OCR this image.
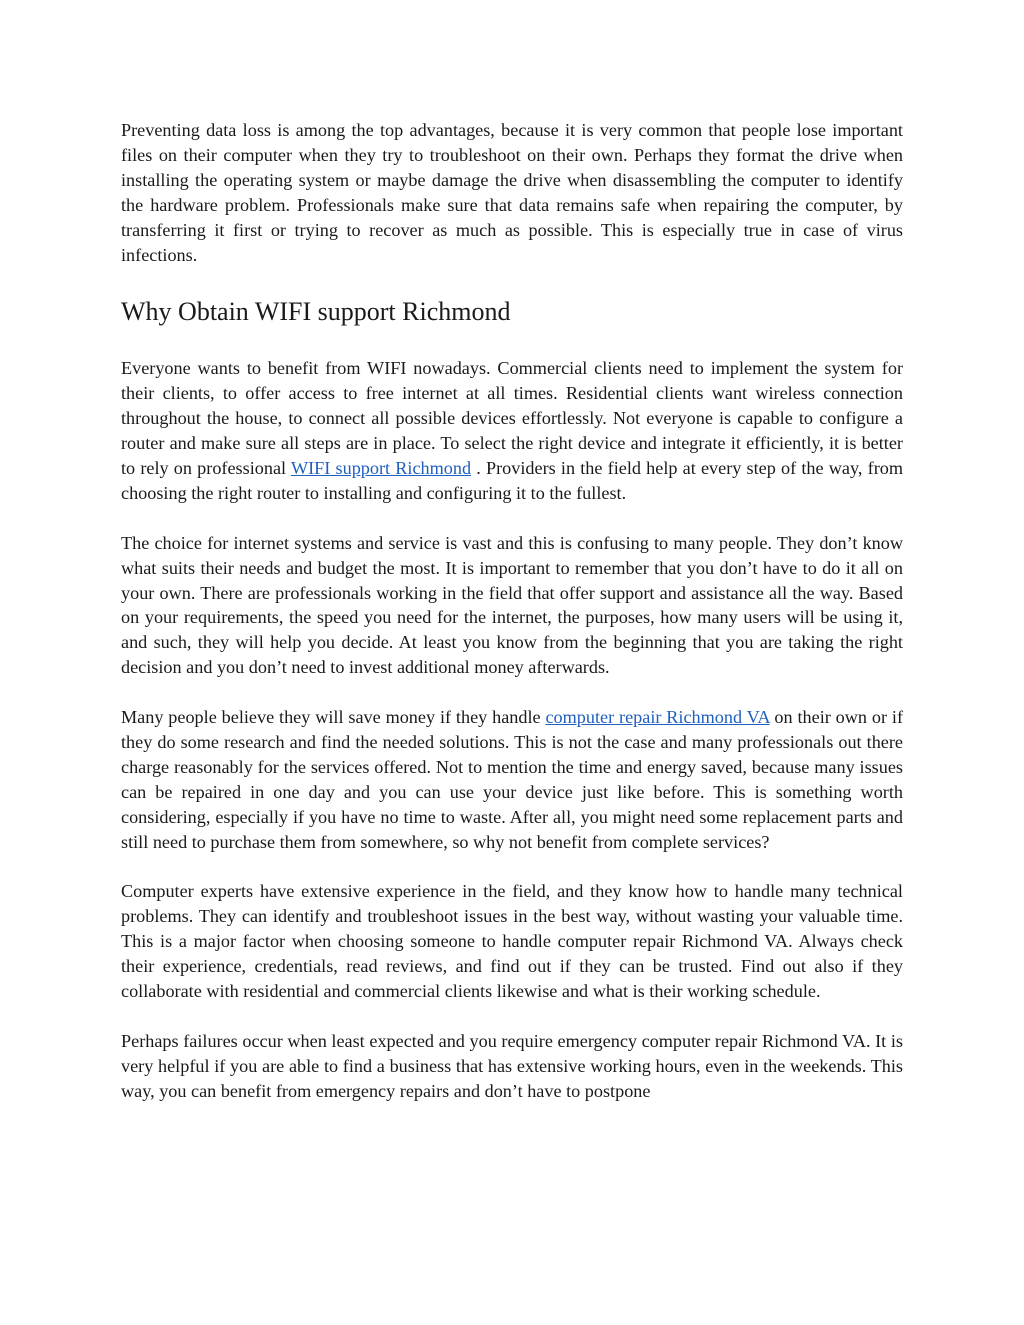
Preventing data loss is among the top advantages, because it is very common that people lose important files on their computer when they try to troubleshoot on their own. Perhaps they format the drive when installing the operating system or maybe damage the drive when disassembling the computer to identify the hardware problem. Professionals make sure that data remains safe when repairing the computer, by transferring it first or trying to recover as much as possible. This is especially true in case of virus infections.

Why Obtain WIFI support Richmond

Everyone wants to benefit from WIFI nowadays. Commercial clients need to implement the system for their clients, to offer access to free internet at all times. Residential clients want wireless connection throughout the house, to connect all possible devices effortlessly. Not everyone is capable to configure a router and make sure all steps are in place. To select the right device and integrate it efficiently, it is better to rely on professional WIFI support Richmond . Providers in the field help at every step of the way, from choosing the right router to installing and configuring it to the fullest.

The choice for internet systems and service is vast and this is confusing to many people. They don’t know what suits their needs and budget the most. It is important to remember that you don’t have to do it all on your own. There are professionals working in the field that offer support and assistance all the way. Based on your requirements, the speed you need for the internet, the purposes, how many users will be using it, and such, they will help you decide. At least you know from the beginning that you are taking the right decision and you don’t need to invest additional money afterwards.

Many people believe they will save money if they handle computer repair Richmond VA on their own or if they do some research and find the needed solutions. This is not the case and many professionals out there charge reasonably for the services offered. Not to mention the time and energy saved, because many issues can be repaired in one day and you can use your device just like before. This is something worth considering, especially if you have no time to waste. After all, you might need some replacement parts and still need to purchase them from somewhere, so why not benefit from complete services?

Computer experts have extensive experience in the field, and they know how to handle many technical problems. They can identify and troubleshoot issues in the best way, without wasting your valuable time. This is a major factor when choosing someone to handle computer repair Richmond VA. Always check their experience, credentials, read reviews, and find out if they can be trusted. Find out also if they collaborate with residential and commercial clients likewise and what is their working schedule.

Perhaps failures occur when least expected and you require emergency computer repair Richmond VA. It is very helpful if you are able to find a business that has extensive working hours, even in the weekends. This way, you can benefit from emergency repairs and don’t have to postpone
